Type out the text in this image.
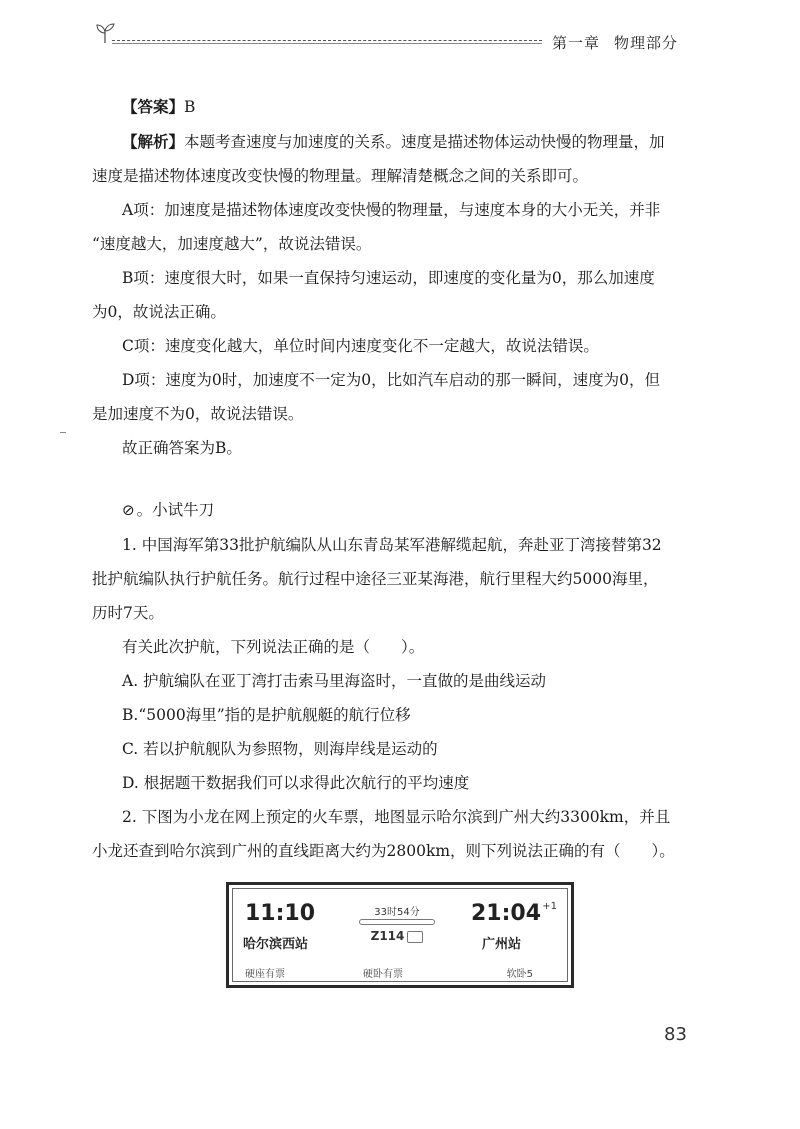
第一章 物理部分
【答案】B
【解析】本题考查速度与加速度的关系。速度是描述物体运动快慢的物理量，加
速度是描述物体速度改变快慢的物理量。理解清楚概念之间的关系即可。
A项：加速度是描述物体速度改变快慢的物理量，与速度本身的大小无关，并非
“速度越大，加速度越大”，故说法错误。
B项：速度很大时，如果一直保持匀速运动，即速度的变化量为0，那么加速度
为0，故说法正确。
C项：速度变化越大，单位时间内速度变化不一定越大，故说法错误。
D项：速度为0时，加速度不一定为0，比如汽车启动的那一瞬间，速度为0，但
是加速度不为0，故说法错误。
故正确答案为B。
⊘ 。小试牛刀
1. 中国海军第33批护航编队从山东青岛某军港解缆起航，奔赴亚丁湾接替第32
批护航编队执行护航任务。航行过程中途径三亚某海港，航行里程大约5000海里，
历时7天。
有关此次护航，下列说法正确的是（　　）。
A. 护航编队在亚丁湾打击索马里海盗时，一直做的是曲线运动
B.“5000海里”指的是护航舰艇的航行位移
C. 若以护航舰队为参照物，则海岸线是运动的
D. 根据题干数据我们可以求得此次航行的平均速度
2. 下图为小龙在网上预定的火车票，地图显示哈尔滨到广州大约3300km，并且
小龙还查到哈尔滨到广州的直线距离大约为2800km，则下列说法正确的有（　　）。
11:10	33时54分
Z114
21:04 +1
哈尔滨西站	广州站
硬座有票	硬卧有票	软卧5
83
